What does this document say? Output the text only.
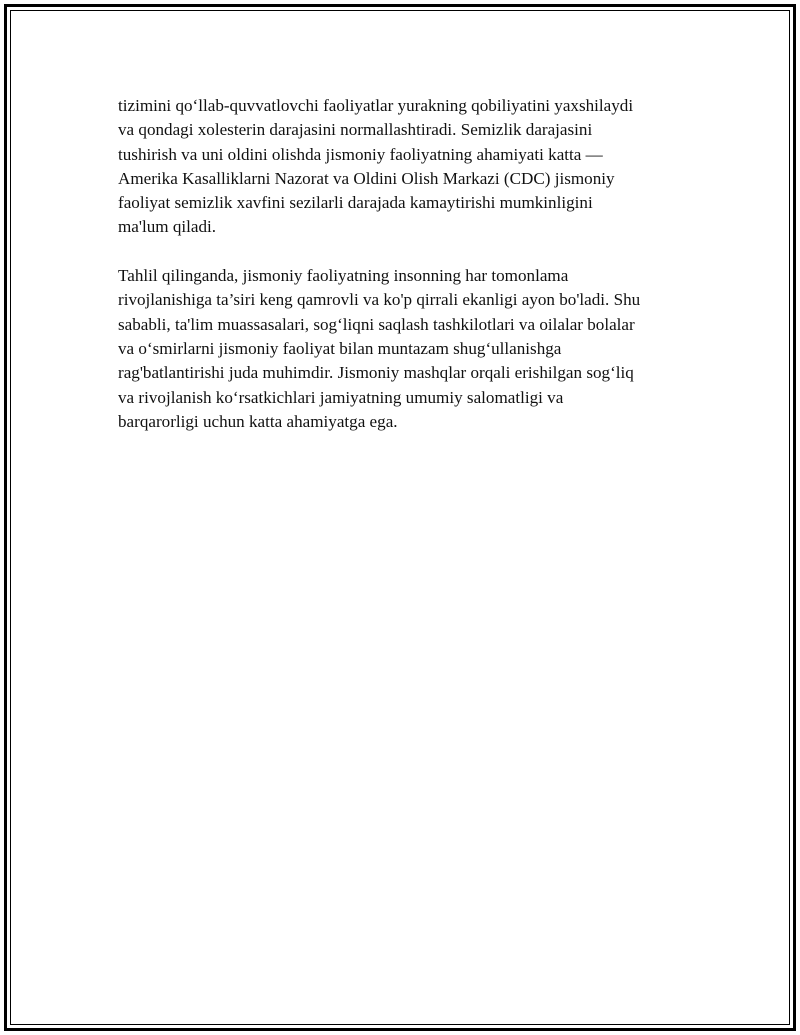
tizimini qo‘llab-quvvatlovchi faoliyatlar yurakning qobiliyatini yaxshilaydi
va qondagi xolesterin darajasini normallashtiradi. Semizlik darajasini
tushirish va uni oldini olishda jismoniy faoliyatning ahamiyati katta —
Amerika Kasalliklarni Nazorat va Oldini Olish Markazi (CDC) jismoniy
faoliyat semizlik xavfini sezilarli darajada kamaytirishi mumkinligini
ma'lum qiladi.

Tahlil qilinganda, jismoniy faoliyatning insonning har tomonlama
rivojlanishiga ta’siri keng qamrovli va ko'p qirrali ekanligi ayon bo'ladi. Shu
sababli, ta'lim muassasalari, sog‘liqni saqlash tashkilotlari va oilalar bolalar
va o‘smirlarni jismoniy faoliyat bilan muntazam shug‘ullanishga
rag'batlantirishi juda muhimdir. Jismoniy mashqlar orqali erishilgan sog‘liq
va rivojlanish ko‘rsatkichlari jamiyatning umumiy salomatligi va
barqarorligi uchun katta ahamiyatga ega.
